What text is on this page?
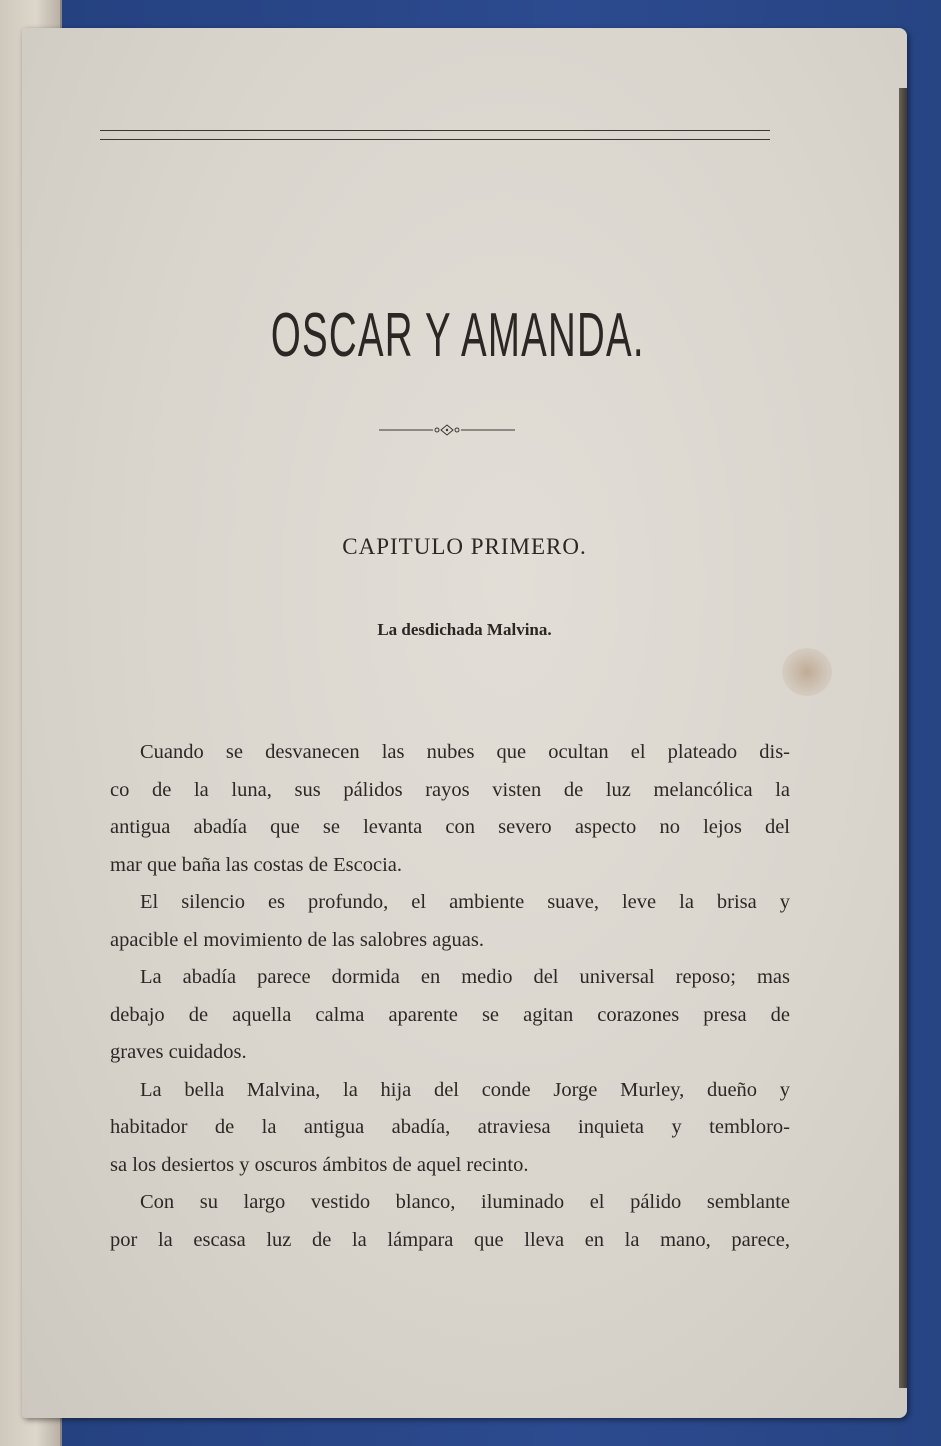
OSCAR Y AMANDA.
CAPITULO PRIMERO.
La desdichada Malvina.
Cuando se desvanecen las nubes que ocultan el plateado dis-
co de la luna, sus pálidos rayos visten de luz melancólica la
antigua abadía que se levanta con severo aspecto no lejos del
mar que baña las costas de Escocia.
El silencio es profundo, el ambiente suave, leve la brisa y
apacible el movimiento de las salobres aguas.
La abadía parece dormida en medio del universal reposo; mas
debajo de aquella calma aparente se agitan corazones presa de
graves cuidados.
La bella Malvina, la hija del conde Jorge Murley, dueño y
habitador de la antigua abadía, atraviesa inquieta y tembloro-
sa los desiertos y oscuros ámbitos de aquel recinto.
Con su largo vestido blanco, iluminado el pálido semblante
por la escasa luz de la lámpara que lleva en la mano, parece,
